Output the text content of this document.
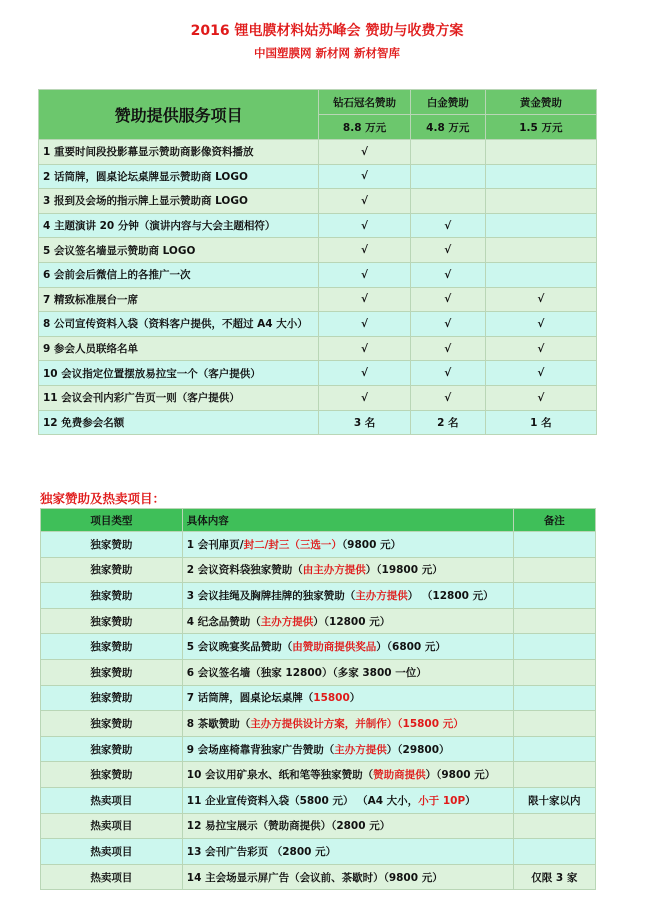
2016 锂电膜材料姑苏峰会 赞助与收费方案
中国塑膜网 新材网 新材智库
赞助提供服务项目	钻石冠名赞助	白金赞助	黄金赞助
	8.8 万元	4.8 万元	1.5 万元
1 重要时间段投影幕显示赞助商影像资料播放	√		
2 话筒牌，圆桌论坛桌牌显示赞助商 LOGO	√		
3 报到及会场的指示牌上显示赞助商 LOGO	√		
4 主题演讲 20 分钟（演讲内容与大会主题相符）	√	√	
5 会议签名墙显示赞助商 LOGO	√	√	
6 会前会后微信上的各推广一次	√	√	
7 精致标准展台一席	√	√	√
8 公司宣传资料入袋（资料客户提供，不超过 A4 大小）	√	√	√
9 参会人员联络名单	√	√	√
10 会议指定位置摆放易拉宝一个（客户提供）	√	√	√
11 会议会刊内彩广告页一则（客户提供）	√	√	√
12 免费参会名额	3 名	2 名	1 名
独家赞助及热卖项目：
项目类型	具体内容	备注
独家赞助	1 会刊扉页/封二/封三（三选一）（9800 元）	
独家赞助	2 会议资料袋独家赞助（由主办方提供）（19800 元）	
独家赞助	3 会议挂绳及胸牌挂牌的独家赞助（主办方提供） （12800 元）	
独家赞助	4 纪念品赞助（主办方提供）（12800 元）	
独家赞助	5 会议晚宴奖品赞助（由赞助商提供奖品）（6800 元）	
独家赞助	6 会议签名墙（独家 12800）（多家 3800 一位）	
独家赞助	7 话筒牌，圆桌论坛桌牌（15800）	
独家赞助	8 茶歇赞助（主办方提供设计方案，并制作）（15800 元）	
独家赞助	9 会场座椅靠背独家广告赞助（主办方提供）（29800）	
独家赞助	10 会议用矿泉水、纸和笔等独家赞助（赞助商提供）（9800 元）	
热卖项目	11 企业宣传资料入袋（5800 元） （A4 大小，小于 10P）	限十家以内
热卖项目	12 易拉宝展示（赞助商提供）（2800 元）	
热卖项目	13 会刊广告彩页 （2800 元）	
热卖项目	14 主会场显示屏广告（会议前、茶歇时）（9800 元）	仅限 3 家
